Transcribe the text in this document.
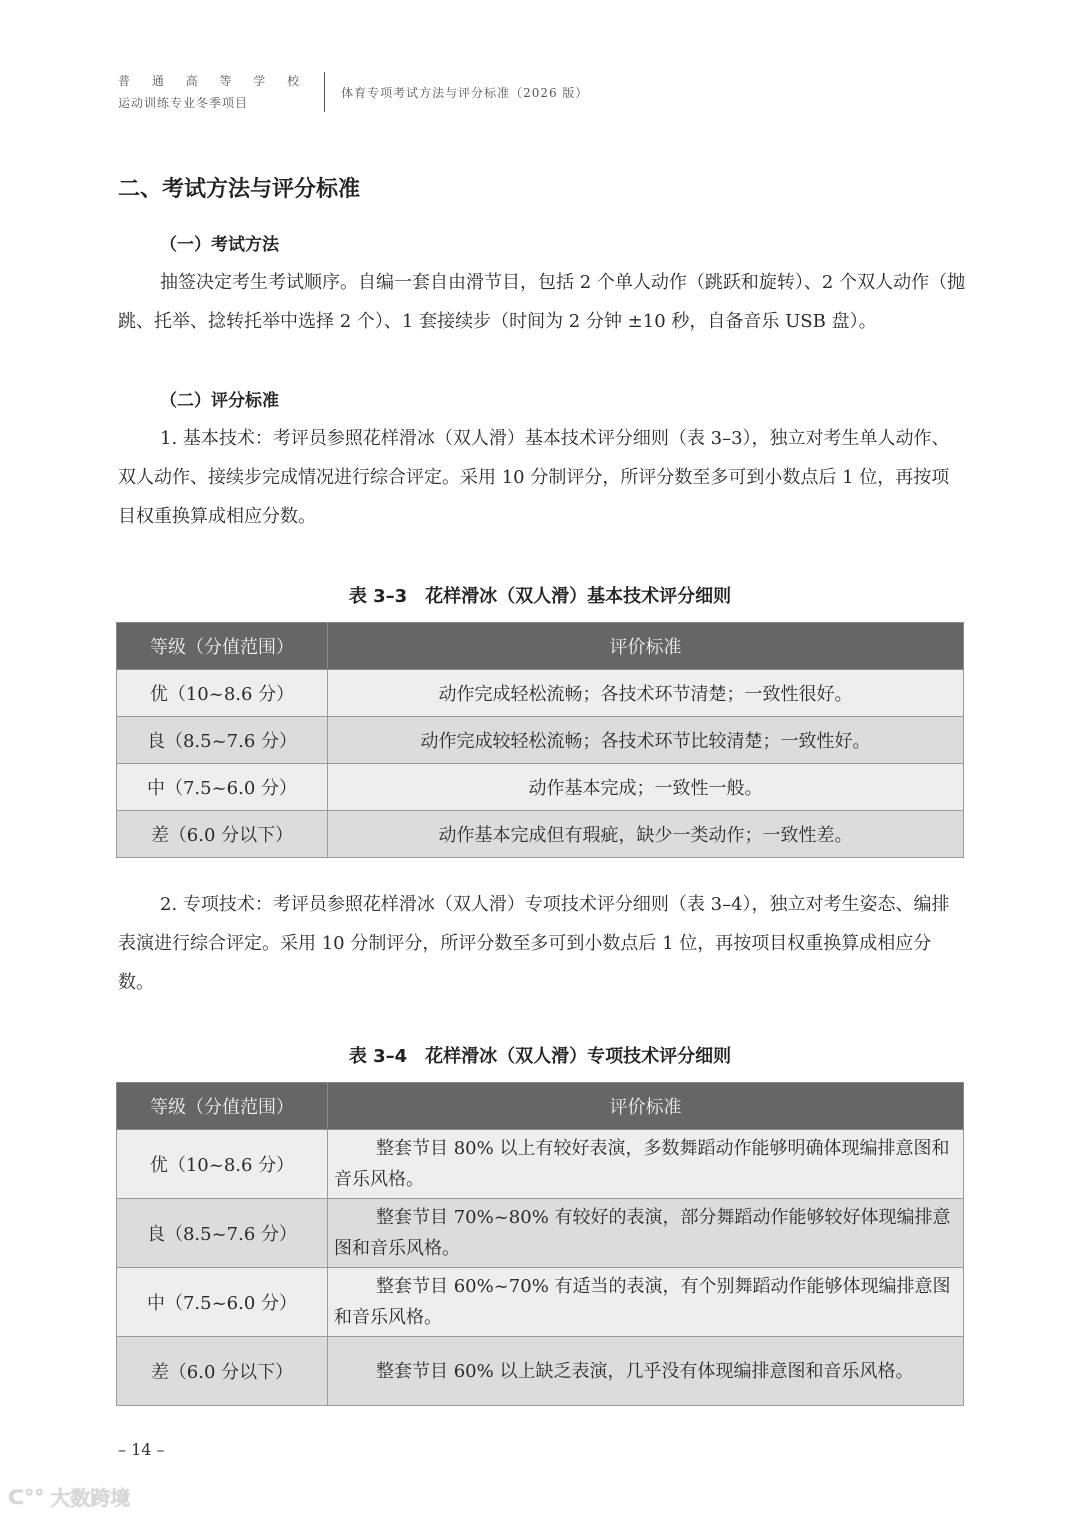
普 通 高 等 学 校
运动训练专业冬季项目
体育专项考试方法与评分标准（2026 版）
二、考试方法与评分标准
（一）考试方法
抽签决定考生考试顺序。自编一套自由滑节目，包括 2 个单人动作（跳跃和旋转）、2 个双人动作（抛跳、托举、捻转托举中选择 2 个）、1 套接续步（时间为 2 分钟 ±10 秒，自备音乐 USB 盘）。
（二）评分标准
1. 基本技术：考评员参照花样滑冰（双人滑）基本技术评分细则（表 3–3），独立对考生单人动作、双人动作、接续步完成情况进行综合评定。采用 10 分制评分，所评分数至多可到小数点后 1 位，再按项目权重换算成相应分数。
表 3–3　花样滑冰（双人滑）基本技术评分细则
等级（分值范围）	评价标准
优（10~8.6 分）	动作完成轻松流畅；各技术环节清楚；一致性很好。
良（8.5~7.6 分）	动作完成较轻松流畅；各技术环节比较清楚；一致性好。
中（7.5~6.0 分）	动作基本完成；一致性一般。
差（6.0 分以下）	动作基本完成但有瑕疵，缺少一类动作；一致性差。
2. 专项技术：考评员参照花样滑冰（双人滑）专项技术评分细则（表 3–4），独立对考生姿态、编排表演进行综合评定。采用 10 分制评分，所评分数至多可到小数点后 1 位，再按项目权重换算成相应分数。
表 3–4　花样滑冰（双人滑）专项技术评分细则
等级（分值范围）	评价标准
优（10~8.6 分）	整套节目 80% 以上有较好表演，多数舞蹈动作能够明确体现编排意图和音乐风格。

良（8.5~7.6 分）	整套节目 70%~80% 有较好的表演，部分舞蹈动作能够较好体现编排意图和音乐风格。

中（7.5~6.0 分）	整套节目 60%~70% 有适当的表演，有个别舞蹈动作能够体现编排意图和音乐风格。

差（6.0 分以下）	整套节目 60% 以上缺乏表演，几乎没有体现编排意图和音乐风格。
– 14 –
ᑕ°° 大数跨境
